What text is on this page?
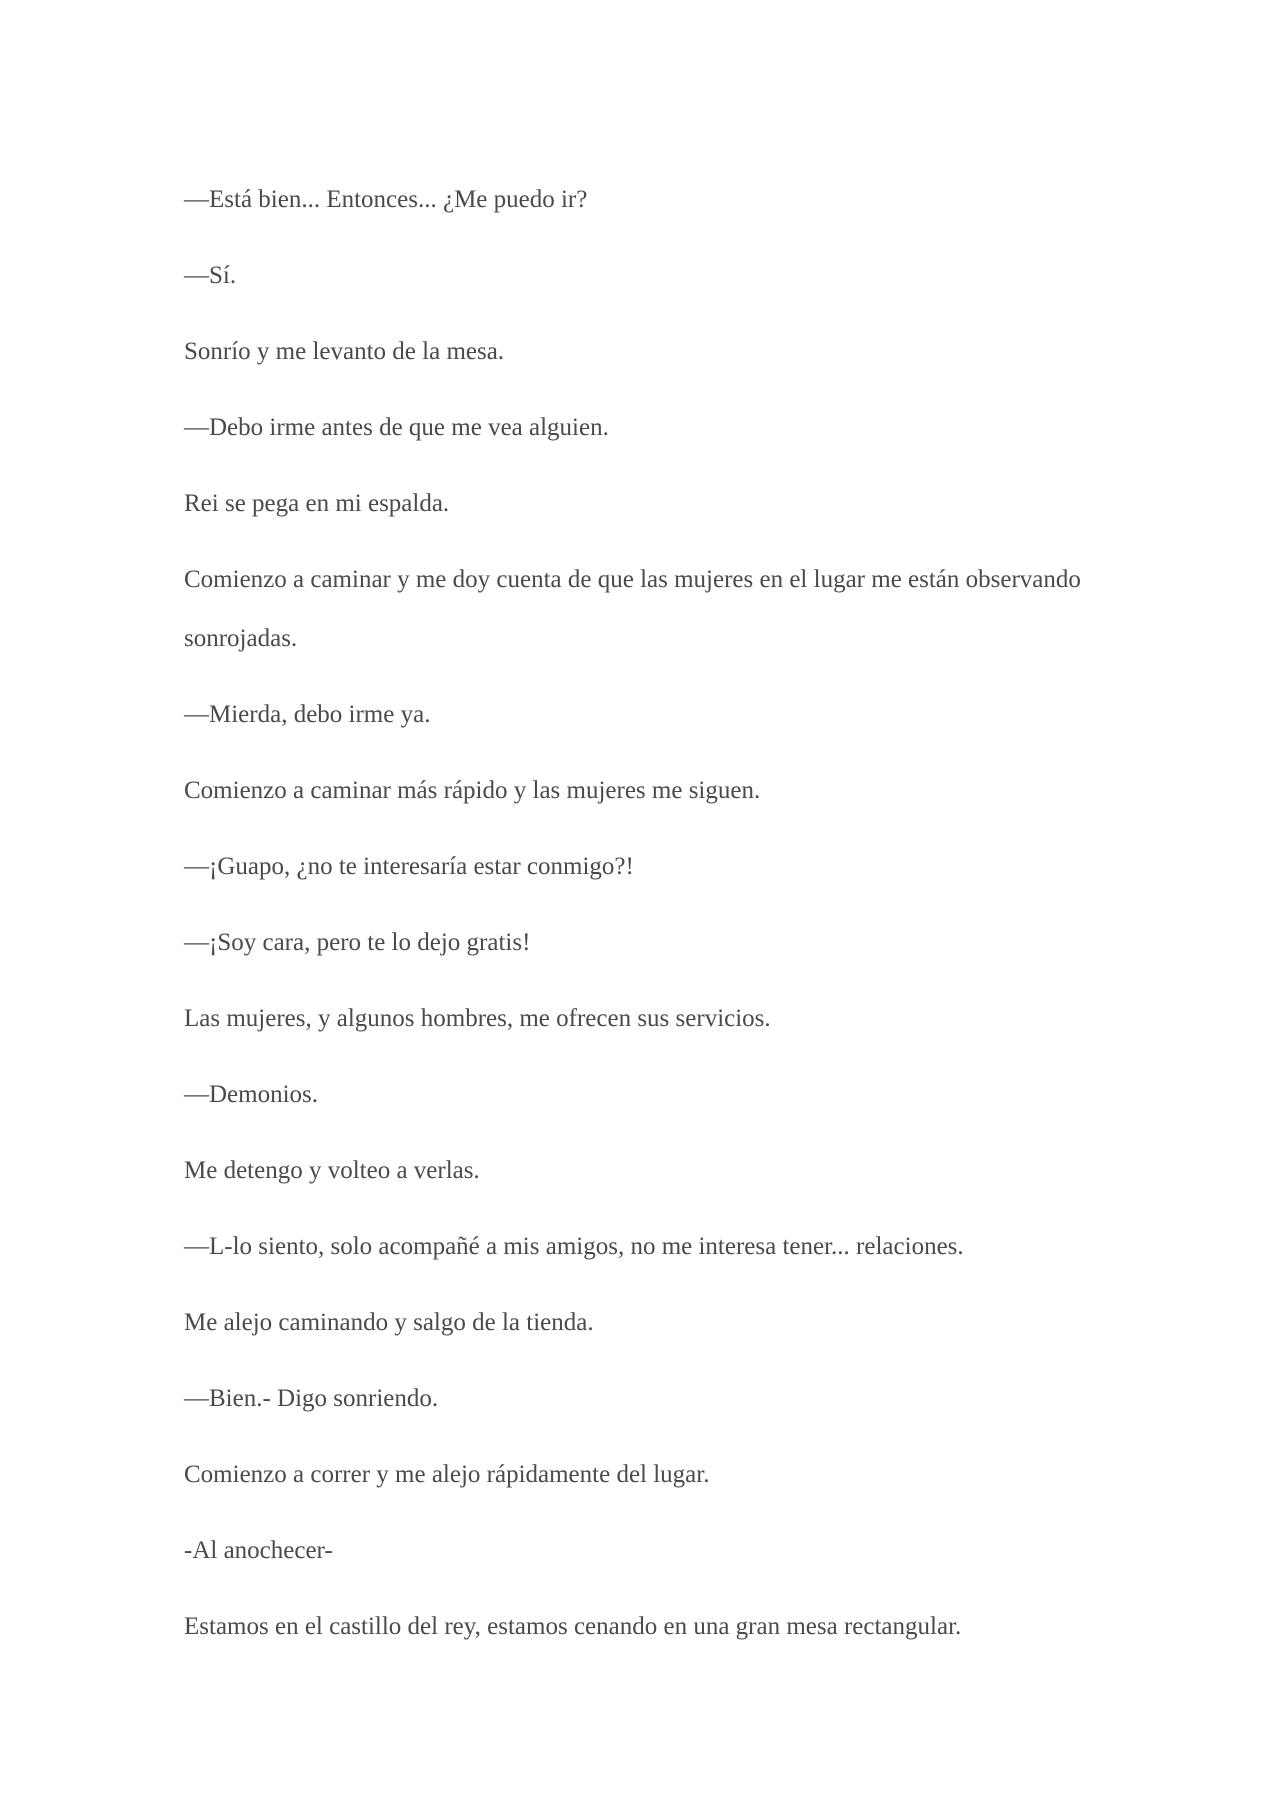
—Está bien... Entonces... ¿Me puedo ir?

—Sí.

Sonrío y me levanto de la mesa.

—Debo irme antes de que me vea alguien.

Rei se pega en mi espalda.

Comienzo a caminar y me doy cuenta de que las mujeres en el lugar me están observando sonrojadas.

—Mierda, debo irme ya.

Comienzo a caminar más rápido y las mujeres me siguen.

—¡Guapo, ¿no te interesaría estar conmigo?!

—¡Soy cara, pero te lo dejo gratis!

Las mujeres, y algunos hombres, me ofrecen sus servicios.

—Demonios.

Me detengo y volteo a verlas.

—L-lo siento, solo acompañé a mis amigos, no me interesa tener... relaciones.

Me alejo caminando y salgo de la tienda.

—Bien.- Digo sonriendo.

Comienzo a correr y me alejo rápidamente del lugar.

-Al anochecer-

Estamos en el castillo del rey, estamos cenando en una gran mesa rectangular.
